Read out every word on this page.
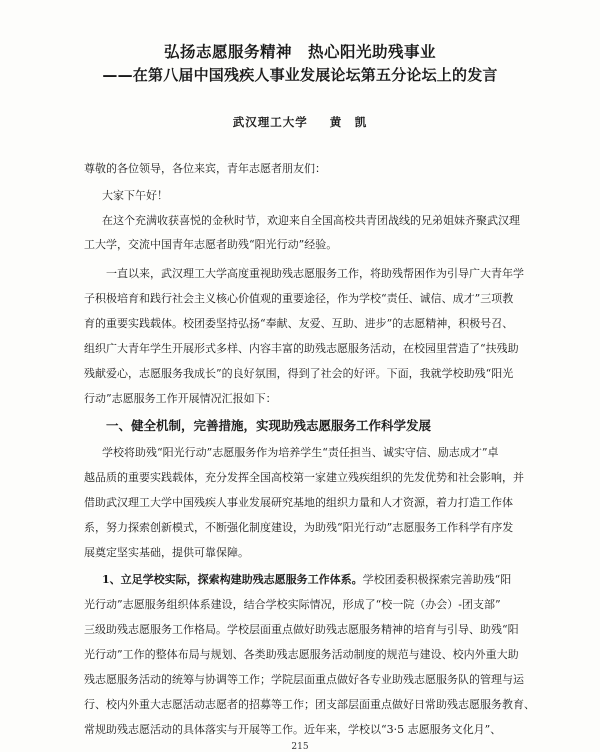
弘扬志愿服务精神　热心阳光助残事业
——在第八届中国残疾人事业发展论坛第五分论坛上的发言
武汉理工大学 黄　凯
尊敬的各位领导，各位来宾，青年志愿者朋友们：
大家下午好！
在这个充满收获喜悦的金秋时节，欢迎来自全国高校共青团战线的兄弟姐妹齐聚武汉理
工大学，交流中国青年志愿者助残“阳光行动”经验。
一直以来，武汉理工大学高度重视助残志愿服务工作，将助残帮困作为引导广大青年学
子积极培育和践行社会主义核心价值观的重要途径，作为学校“责任、诚信、成才”三项教
育的重要实践载体。校团委坚持弘扬“奉献、友爱、互助、进步”的志愿精神，积极号召、
组织广大青年学生开展形式多样、内容丰富的助残志愿服务活动，在校园里营造了“扶残助
残献爱心，志愿服务我成长”的良好氛围，得到了社会的好评。下面，我就学校助残“阳光
行动”志愿服务工作开展情况汇报如下：
一、健全机制，完善措施，实现助残志愿服务工作科学发展
学校将助残“阳光行动”志愿服务作为培养学生“责任担当、诚实守信、励志成才”卓
越品质的重要实践载体，充分发挥全国高校第一家建立残疾组织的先发优势和社会影响，并
借助武汉理工大学中国残疾人事业发展研究基地的组织力量和人才资源，着力打造工作体
系，努力探索创新模式，不断强化制度建设，为助残“阳光行动”志愿服务工作科学有序发
展奠定坚实基础，提供可靠保障。
1、立足学校实际，探索构建助残志愿服务工作体系。学校团委积极探索完善助残“阳
光行动”志愿服务组织体系建设，结合学校实际情况，形成了“校一院（办会）-团支部”
三级助残志愿服务工作格局。学校层面重点做好助残志愿服务精神的培育与引导、助残“阳
光行动”工作的整体布局与规划、各类助残志愿服务活动制度的规范与建设、校内外重大助
残志愿服务活动的统筹与协调等工作；学院层面重点做好各专业助残志愿服务队的管理与运
行、校内外重大志愿活动志愿者的招募等工作；团支部层面重点做好日常助残志愿服务教育、
常规助残志愿活动的具体落实与开展等工作。近年来，学校以“3·5 志愿服务文化月”、
215
